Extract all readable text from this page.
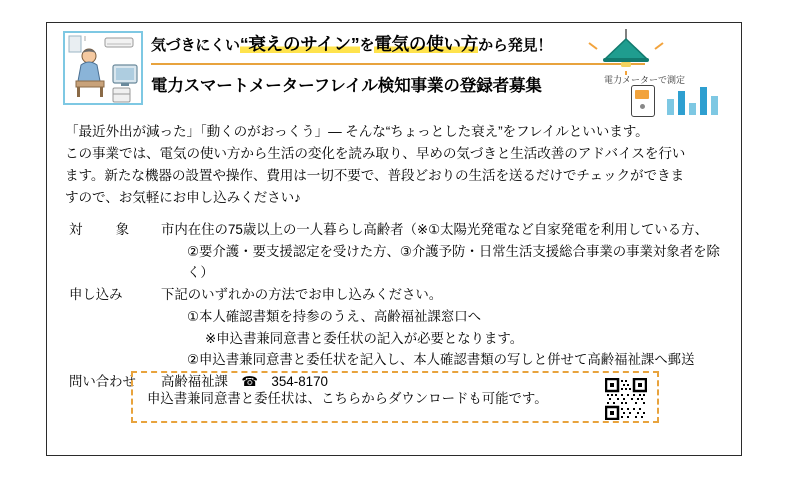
気づきにくい“衰えのサイン”を電気の使い方から発見！
電力スマートメーターフレイル検知事業の登録者募集	電力メーターで測定

「最近外出が減った」「動くのがおっくう」― そんな“ちょっとした衰え”をフレイルといいます。

この事業では、電気の使い方から生活の変化を読み取り、早めの気づきと生活改善のアドバイスを行い

ます。新たな機器の設置や操作、費用は一切不要で、普段どおりの生活を送るだけでチェックができま

すので、お気軽にお申し込みください♪

対　象	市内在住の75歳以上の一人暮らし高齢者（※①太陽光発電など自家発電を利用している方、
②要介護・要支援認定を受けた方、③介護予防・日常生活支援総合事業の事業対象者を除く）
申し込み	下記のいずれかの方法でお申し込みください。
①本人確認書類を持参のうえ、高齢福祉課窓口へ
※申込書兼同意書と委任状の記入が必要となります。
②申込書兼同意書と委任状を記入し、本人確認書類の写しと併せて高齢福祉課へ郵送
問い合わせ	高齢福祉課　☎　354-8170
申込書兼同意書と委任状は、こちらからダウンロードも可能です。
